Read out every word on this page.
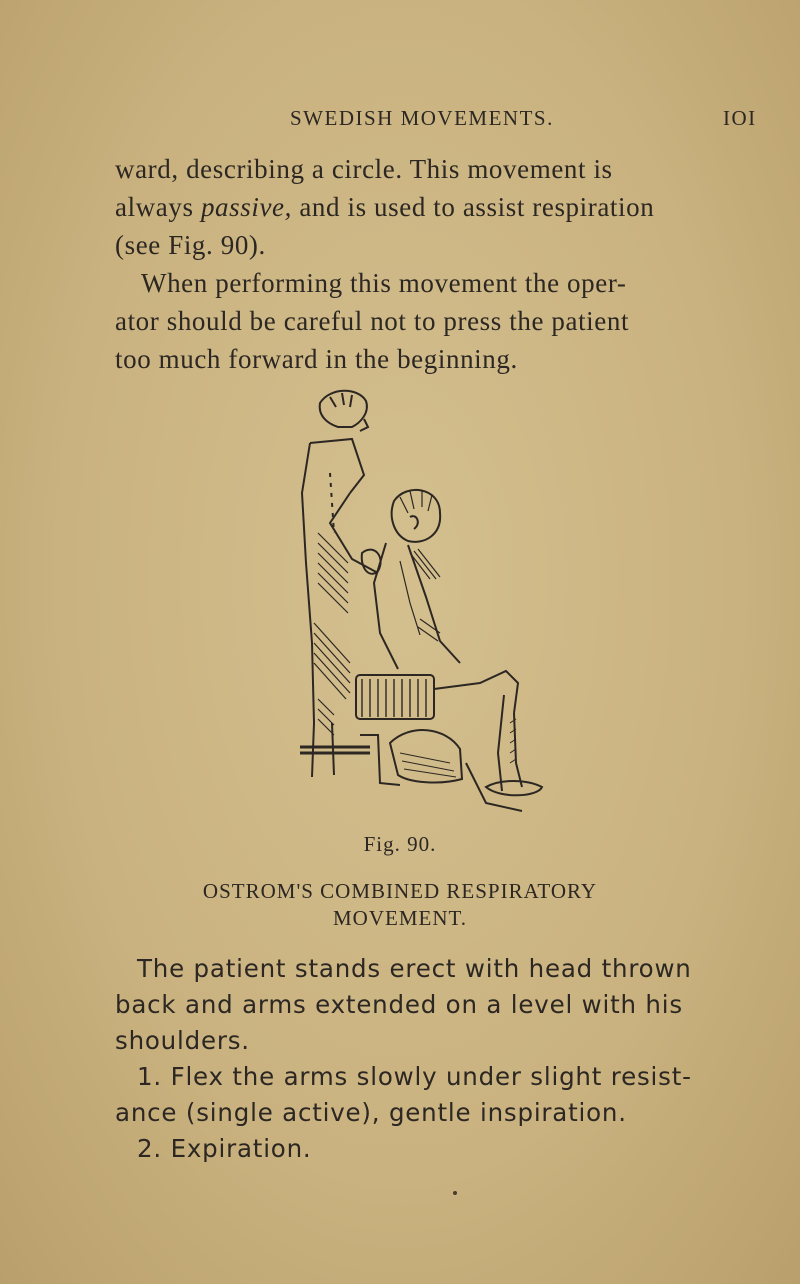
SWEDISH MOVEMENTS.	IOI

ward, describing a circle. This movement is
always passive, and is used to assist respiration
(see Fig. 90).

When performing this movement the oper-
ator should be careful not to press the patient
too much forward in the beginning.

Fig. 90.
OSTROM'S COMBINED RESPIRATORY
MOVEMENT.
The patient stands erect with head thrown
back and arms extended on a level with his
shoulders.
1. Flex the arms slowly under slight resist-
ance (single active), gentle inspiration.
2. Expiration.
